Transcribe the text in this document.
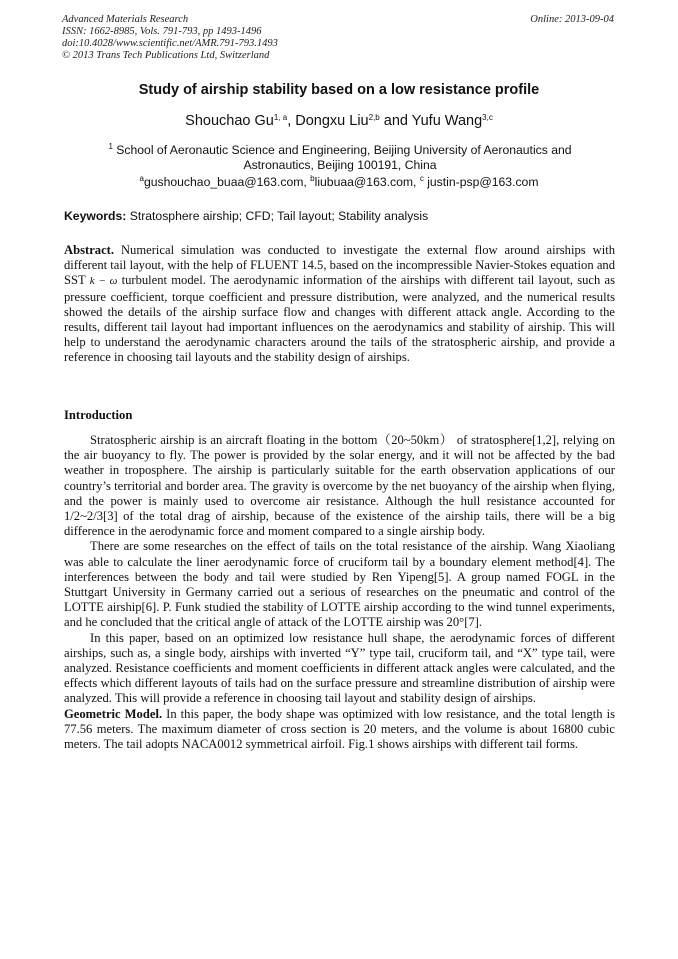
Advanced Materials Research
ISSN: 1662-8985, Vols. 791-793, pp 1493-1496
doi:10.4028/www.scientific.net/AMR.791-793.1493
© 2013 Trans Tech Publications Ltd, Switzerland
Online: 2013-09-04
Study of airship stability based on a low resistance profile
Shouchao Gu$^{1, a}$, Dongxu Liu$^{2,b}$ and Yufu Wang$^{3,c}$
$^1$ School of Aeronautic Science and Engineering, Beijing University of Aeronautics and Astronautics, Beijing 100191, China
$^a$gushouchao_buaa@163.com, $^b$liubuaa@163.com, $^c$ justin-psp@163.com
Keywords: Stratosphere airship; CFD; Tail layout; Stability analysis
Abstract. Numerical simulation was conducted to investigate the external flow around airships with different tail layout, with the help of FLUENT 14.5, based on the incompressible Navier-Stokes equation and SST k − ω turbulent model. The aerodynamic information of the airships with different tail layout, such as pressure coefficient, torque coefficient and pressure distribution, were analyzed, and the numerical results showed the details of the airship surface flow and changes with different attack angle. According to the results, different tail layout had important influences on the aerodynamics and stability of airship. This will help to understand the aerodynamic characters around the tails of the stratospheric airship, and provide a reference in choosing tail layouts and the stability design of airships.
Introduction

Stratospheric airship is an aircraft floating in the bottom（20~50km） of stratosphere[1,2], relying on the air buoyancy to fly. The power is provided by the solar energy, and it will not be affected by the bad weather in troposphere. The airship is particularly suitable for the earth observation applications of our country’s territorial and border area. The gravity is overcome by the net buoyancy of the airship when flying, and the power is mainly used to overcome air resistance. Although the hull resistance accounted for 1/2~2/3[3] of the total drag of airship, because of the existence of the airship tails, there will be a big difference in the aerodynamic force and moment compared to a single airship body.

There are some researches on the effect of tails on the total resistance of the airship. Wang Xiaoliang was able to calculate the liner aerodynamic force of cruciform tail by a boundary element method[4]. The interferences between the body and tail were studied by Ren Yipeng[5]. A group named FOGL in the Stuttgart University in Germany carried out a serious of researches on the pneumatic and control of the LOTTE airship[6]. P. Funk studied the stability of LOTTE airship according to the wind tunnel experiments, and he concluded that the critical angle of attack of the LOTTE airship was 20°[7].

In this paper, based on an optimized low resistance hull shape, the aerodynamic forces of different airships, such as, a single body, airships with inverted “Y” type tail, cruciform tail, and “X” type tail, were analyzed. Resistance coefficients and moment coefficients in different attack angles were calculated, and the effects which different layouts of tails had on the surface pressure and streamline distribution of airship were analyzed. This will provide a reference in choosing tail layout and stability design of airships.

Geometric Model. In this paper, the body shape was optimized with low resistance, and the total length is 77.56 meters. The maximum diameter of cross section is 20 meters, and the volume is about 16800 cubic meters. The tail adopts NACA0012 symmetrical airfoil. Fig.1 shows airships with different tail forms.
